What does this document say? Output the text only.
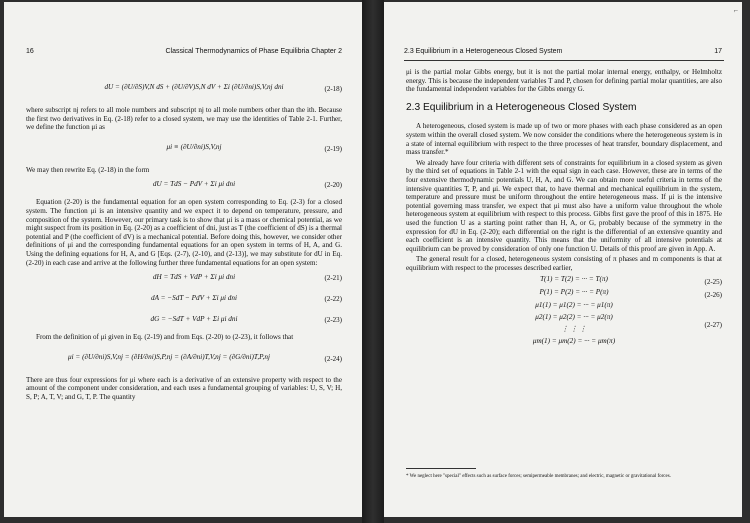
16	Classical Thermodynamics of Phase Equilibria Chapter 2
dU = (∂U/∂S)V,N dS + (∂U/∂V)S,N dV + Σi (∂U/∂ni)S,V,nj dni	(2-18)

where subscript nj refers to all mole numbers and subscript nj to all mole numbers other than the ith. Because the first two derivatives in Eq. (2-18) refer to a closed system, we may use the identities of Table 2-1. Further, we define the function μi as

μi ≡ (∂U/∂ni)S,V,nj	(2-19)

We may then rewrite Eq. (2-18) in the form

dU = TdS − PdV + Σi μi dni	(2-20)

Equation (2-20) is the fundamental equation for an open system corresponding to Eq. (2-3) for a closed system. The function μi is an intensive quantity and we expect it to depend on temperature, pressure, and composition of the system. However, our primary task is to show that μi is a mass or chemical potential, as we might suspect from its position in Eq. (2-20) as a coefficient of dni, just as T (the coefficient of dS) is a thermal potential and P (the coefficient of dV) is a mechanical potential. Before doing this, however, we consider other definitions of μi and the corresponding fundamental equations for an open system in terms of H, A, and G. Using the defining equations for H, A, and G [Eqs. (2-7), (2-10), and (2-13)], we may substitute for dU in Eq. (2-20) in each case and arrive at the following further three fundamental equations for an open system:

dH = TdS + VdP + Σi μi dni	(2-21)
dA = −SdT − PdV + Σi μi dni	(2-22)
dG = −SdT + VdP + Σi μi dni	(2-23)

From the definition of μi given in Eq. (2-19) and from Eqs. (2-20) to (2-23), it follows that

μi = (∂U/∂ni)S,V,nj = (∂H/∂ni)S,P,nj = (∂A/∂ni)T,V,nj = (∂G/∂ni)T,P,nj	(2-24)

There are thus four expressions for μi where each is a derivative of an extensive property with respect to the amount of the component under consideration, and each uses a fundamental grouping of variables: U, S, V; H, S, P; A, T, V; and G, T, P. The quantity

2.3 Equilibrium in a Heterogeneous Closed System	17

μi is the partial molar Gibbs energy, but it is not the partial molar internal energy, enthalpy, or Helmholtz energy. This is because the independent variables T and P, chosen for defining partial molar quantities, are also the fundamental independent variables for the Gibbs energy G.

2.3 Equilibrium in a Heterogeneous Closed System

A heterogeneous, closed system is made up of two or more phases with each phase considered as an open system within the overall closed system. We now consider the conditions where the heterogeneous system is in a state of internal equilibrium with respect to the three processes of heat transfer, boundary displacement, and mass transfer.*

We already have four criteria with different sets of constraints for equilibrium in a closed system as given by the third set of equations in Table 2-1 with the equal sign in each case. However, these are in terms of the four extensive thermodynamic potentials U, H, A, and G. We can obtain more useful criteria in terms of the intensive quantities T, P, and μi. We expect that, to have thermal and mechanical equilibrium in the system, temperature and pressure must be uniform throughout the entire heterogeneous mass. If μi is the intensive potential governing mass transfer, we expect that μi must also have a uniform value throughout the whole heterogeneous system at equilibrium with respect to this process. Gibbs first gave the proof of this in 1875. He used the function U as a starting point rather than H, A, or G, probably because of the symmetry in the expression for dU in Eq. (2-20); each differential on the right is the differential of an extensive quantity and each coefficient is an intensive quantity. This means that the uniformity of all intensive potentials at equilibrium can be proved by consideration of only one function U. Details of this proof are given in App. A.

The general result for a closed, heterogeneous system consisting of π phases and m components is that at equilibrium with respect to the processes described earlier,

T(1) = T(2) = ··· = T(π)	(2-25)
P(1) = P(2) = ··· = P(π)	(2-26)
μ1(1) = μ1(2) = ··· = μ1(π)
μ2(1) = μ2(2) = ··· = μ2(π)
⋮ ⋮ ⋮
μm(1) = μm(2) = ··· = μm(π)
(2-27)
* We neglect here "special" effects such as surface forces; semipermeable membranes; and electric, magnetic or gravitational forces.
⌐
